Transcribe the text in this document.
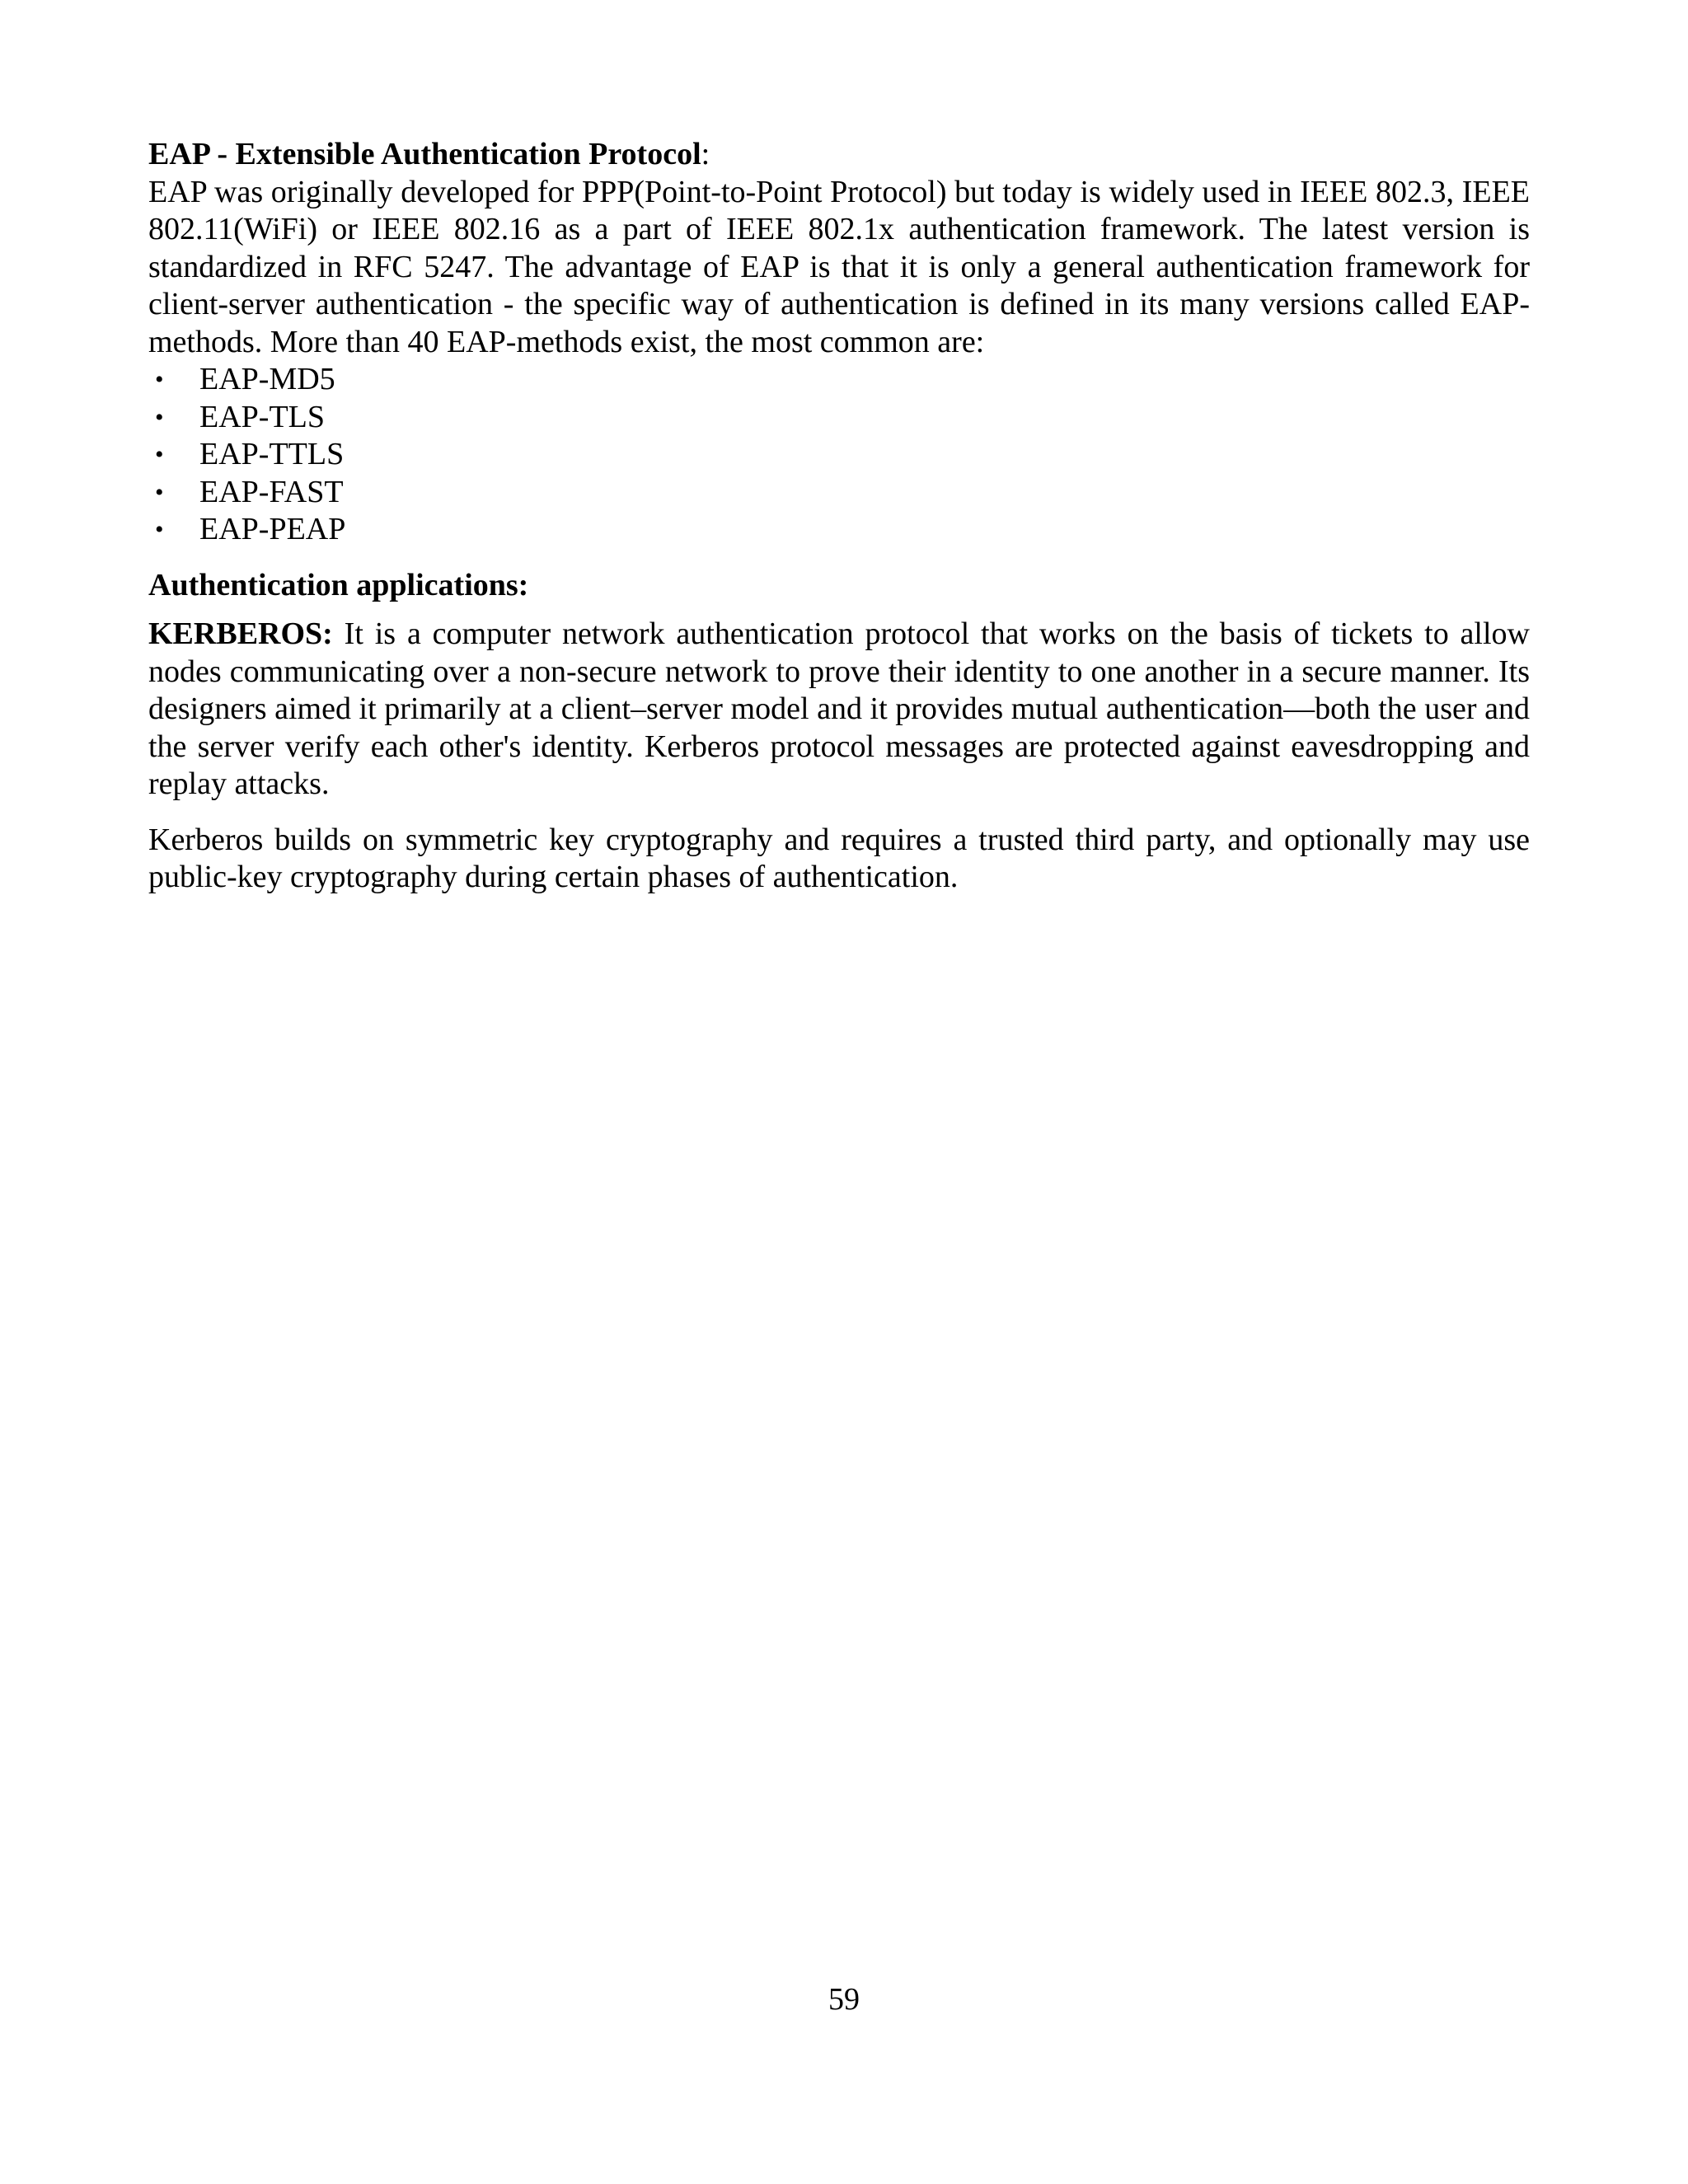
EAP - Extensible Authentication Protocol:

EAP was originally developed for PPP(Point-to-Point Protocol) but today is widely used in IEEE 802.3, IEEE 802.11(WiFi) or IEEE 802.16 as a part of IEEE 802.1x authentication framework. The latest version is standardized in RFC 5247. The advantage of EAP is that it is only a general authentication framework for client-server authentication - the specific way of authentication is defined in its many versions called EAP-methods. More than 40 EAP-methods exist, the most common are:

• EAP-MD5
• EAP-TLS
• EAP-TTLS
• EAP-FAST
• EAP-PEAP

Authentication applications:

KERBEROS: It is a computer network authentication protocol that works on the basis of tickets to allow nodes communicating over a non-secure network to prove their identity to one another in a secure manner. Its designers aimed it primarily at a client–server model and it provides mutual authentication—both the user and the server verify each other's identity. Kerberos protocol messages are protected against eavesdropping and replay attacks.

Kerberos builds on symmetric key cryptography and requires a trusted third party, and optionally may use public-key cryptography during certain phases of authentication.

59
